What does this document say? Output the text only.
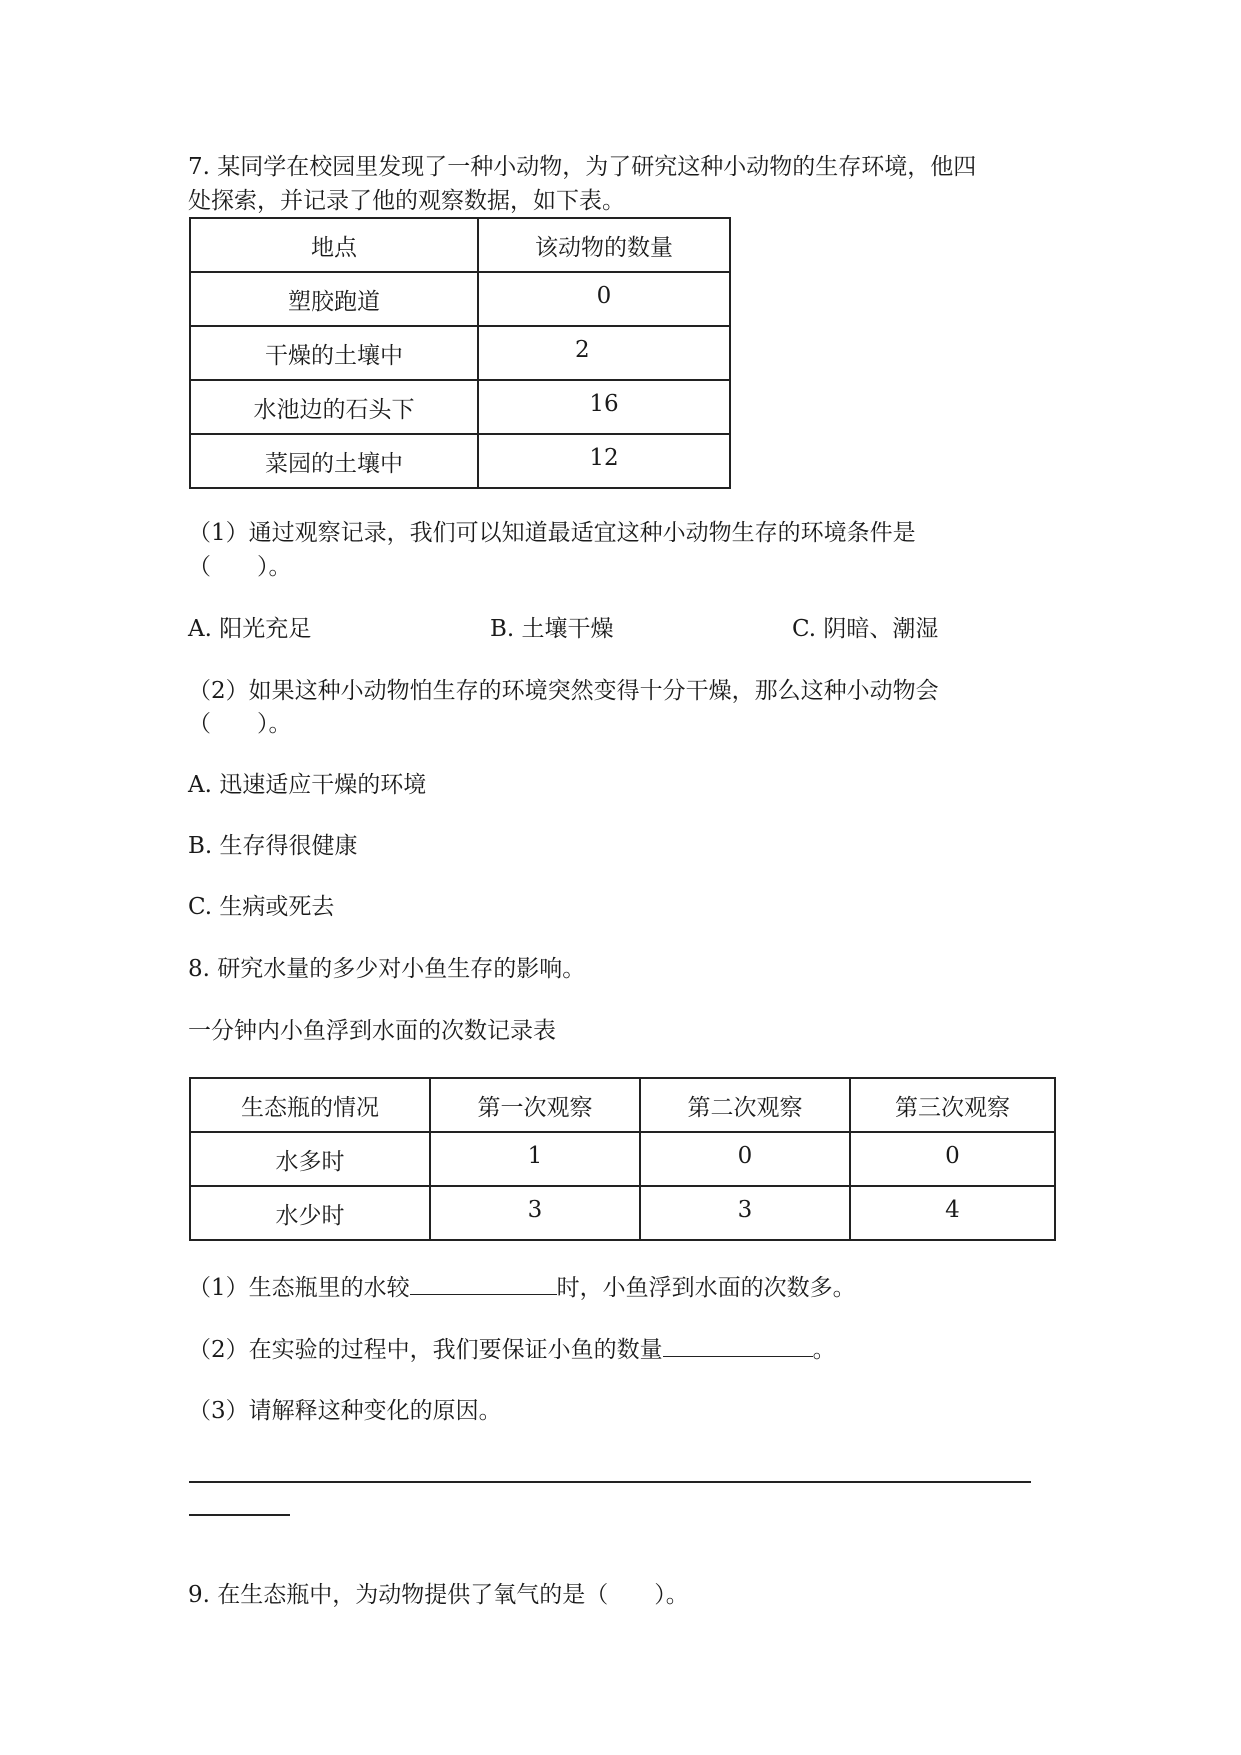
7. 某同学在校园里发现了一种小动物，为了研究这种小动物的生存环境，他四
处探索，并记录了他的观察数据，如下表。
地点	该动物的数量
塑胶跑道	0
干燥的土壤中	2
水池边的石头下	16
菜园的土壤中	12
（1）通过观察记录，我们可以知道最适宜这种小动物生存的环境条件是
（　　）。
A. 阳光充足	B. 土壤干燥	C. 阴暗、潮湿
（2）如果这种小动物怕生存的环境突然变得十分干燥，那么这种小动物会
（　　）。
A. 迅速适应干燥的环境
B. 生存得很健康
C. 生病或死去
8. 研究水量的多少对小鱼生存的影响。
一分钟内小鱼浮到水面的次数记录表
生态瓶的情况	第一次观察	第二次观察	第三次观察
水多时	1	0	0
水少时	3	3	4
（1）生态瓶里的水较	时，小鱼浮到水面的次数多。
（2）在实验的过程中，我们要保证小鱼的数量	。
（3）请解释这种变化的原因。
9. 在生态瓶中，为动物提供了氧气的是（　　）。
